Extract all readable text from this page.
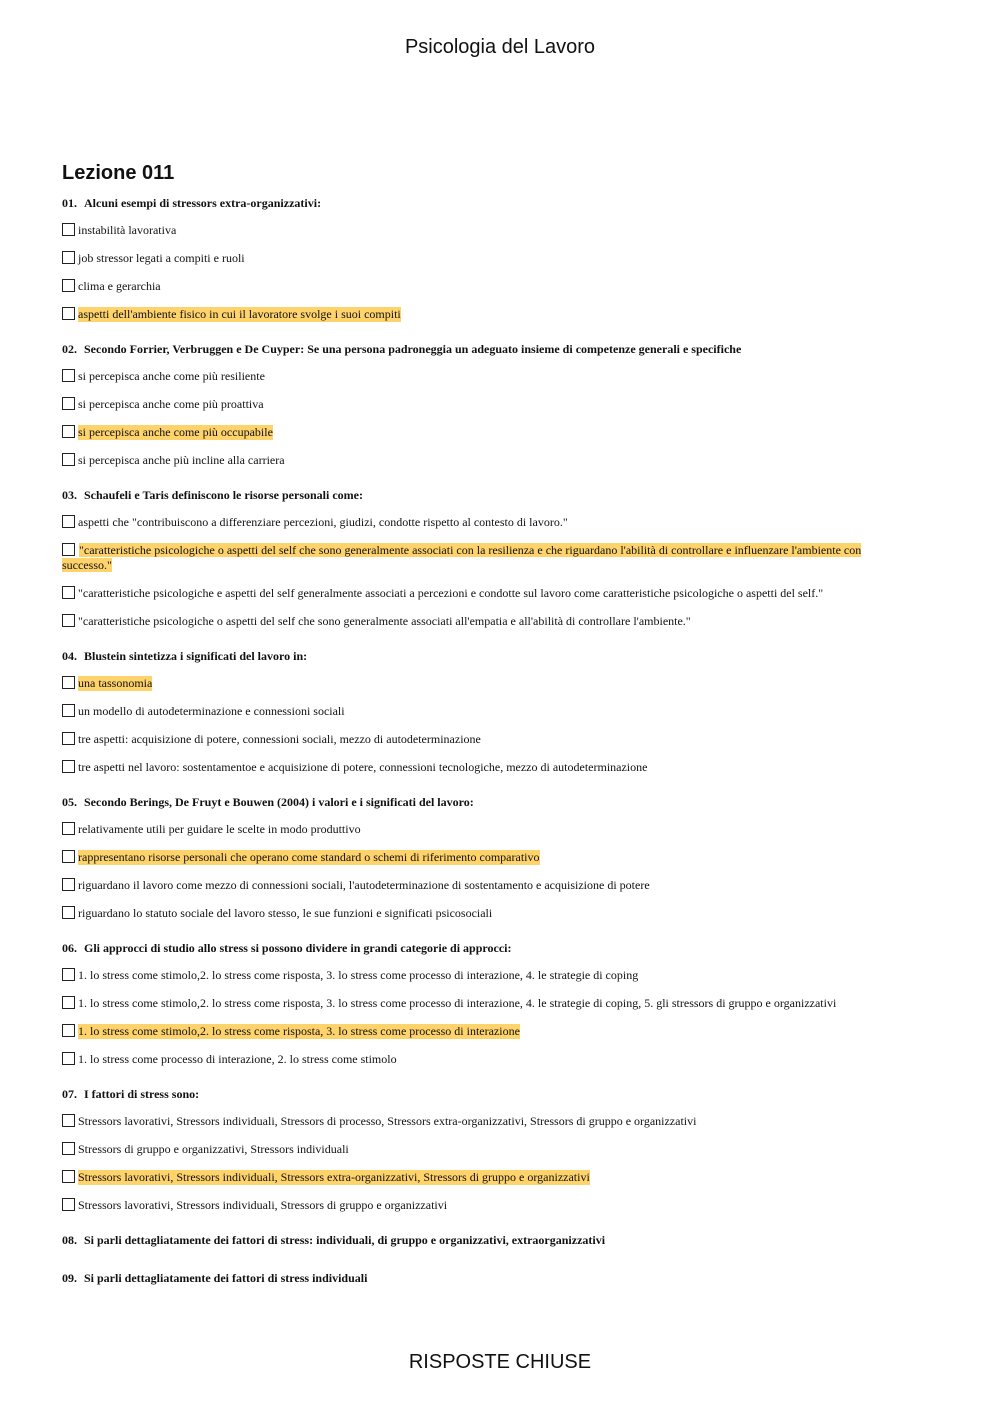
Psicologia del Lavoro
Lezione 011
01. Alcuni esempi di stressors extra-organizzativi:
instabilità lavorativa
job stressor legati a compiti e ruoli
clima e gerarchia
aspetti dell'ambiente fisico in cui il lavoratore svolge i suoi compiti
02. Secondo Forrier, Verbruggen e De Cuyper: Se una persona padroneggia un adeguato insieme di competenze generali e specifiche
si percepisca anche come più resiliente
si percepisca anche come più proattiva
si percepisca anche come più occupabile
si percepisca anche più incline alla carriera
03. Schaufeli e Taris definiscono le risorse personali come:
aspetti che "contribuiscono a differenziare percezioni, giudizi, condotte rispetto al contesto di lavoro."
"caratteristiche psicologiche o aspetti del self che sono generalmente associati con la resilienza e che riguardano l'abilità di controllare e influenzare l'ambiente con successo."
"caratteristiche psicologiche e aspetti del self generalmente associati a percezioni e condotte sul lavoro come caratteristiche psicologiche o aspetti del self."
"caratteristiche psicologiche o aspetti del self che sono generalmente associati all'empatia e all'abilità di controllare l'ambiente."
04. Blustein sintetizza i significati del lavoro in:
una tassonomia
un modello di autodeterminazione e connessioni sociali
tre aspetti: acquisizione di potere, connessioni sociali, mezzo di autodeterminazione
tre aspetti nel lavoro: sostentamentoe e acquisizione di potere, connessioni tecnologiche, mezzo di autodeterminazione
05. Secondo Berings, De Fruyt e Bouwen (2004) i valori e i significati del lavoro:
relativamente utili per guidare le scelte in modo produttivo
rappresentano risorse personali che operano come standard o schemi di riferimento comparativo
riguardano il lavoro come mezzo di connessioni sociali, l'autodeterminazione di sostentamento e acquisizione di potere
riguardano lo statuto sociale del lavoro stesso, le sue funzioni e significati psicosociali
06. Gli approcci di studio allo stress si possono dividere in grandi categorie di approcci:
1. lo stress come stimolo,2. lo stress come risposta, 3. lo stress come processo di interazione, 4. le strategie di coping
1. lo stress come stimolo,2. lo stress come risposta, 3. lo stress come processo di interazione, 4. le strategie di coping, 5. gli stressors di gruppo e organizzativi
1. lo stress come stimolo,2. lo stress come risposta, 3. lo stress come processo di interazione
1. lo stress come processo di interazione, 2. lo stress come stimolo
07. I fattori di stress sono:
Stressors lavorativi, Stressors individuali, Stressors di processo, Stressors extra-organizzativi, Stressors di gruppo e organizzativi
Stressors di gruppo e organizzativi, Stressors individuali
Stressors lavorativi, Stressors individuali, Stressors extra-organizzativi, Stressors di gruppo e organizzativi
Stressors lavorativi, Stressors individuali, Stressors di gruppo e organizzativi
08. Si parli dettagliatamente dei fattori di stress: individuali, di gruppo e organizzativi, extraorganizzativi
09. Si parli dettagliatamente dei fattori di stress individuali
RISPOSTE CHIUSE
